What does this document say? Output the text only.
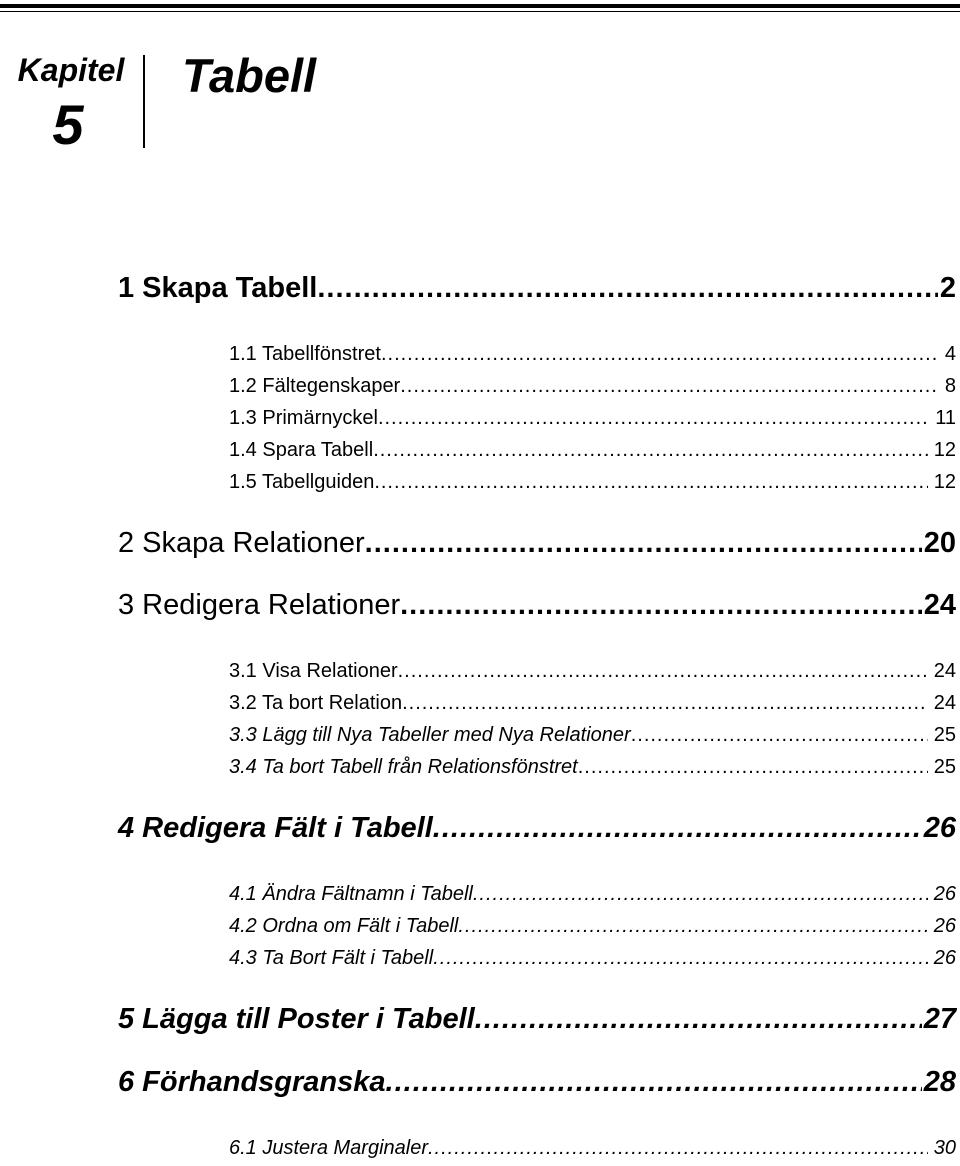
Kapitel
5
Tabell
1 Skapa Tabell .....	2
1.1 Tabellfönstret .....	4
1.2 Fältegenskaper .....	8
1.3 Primärnyckel .....	11
1.4 Spara Tabell .....	12
1.5 Tabellguiden .....	12
2 Skapa Relationer .....	20
3 Redigera Relationer .....	24
3.1 Visa Relationer .....	24
3.2 Ta bort Relation .....	24
3.3 Lägg till Nya Tabeller med Nya Relationer .....	25
3.4 Ta bort Tabell från Relationsfönstret .....	25
4 Redigera Fält i Tabell .....	26
4.1 Ändra Fältnamn i Tabell .....	26
4.2 Ordna om Fält i Tabell .....	26
4.3 Ta Bort Fält i Tabell .....	26
5 Lägga till Poster i Tabell .....	27
6 Förhandsgranska .....	28
6.1 Justera Marginaler .....	30
